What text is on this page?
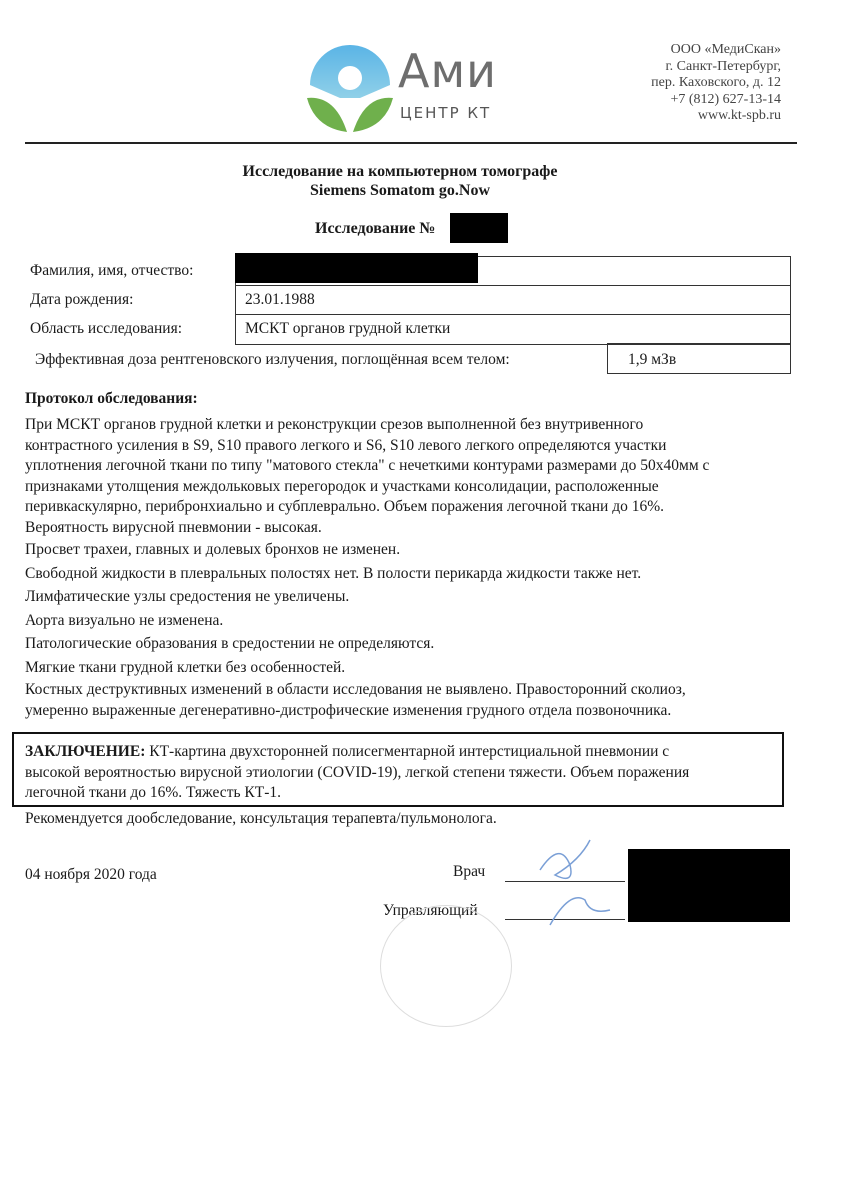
Ами
ЦЕНТР КТ
ООО «МедиСкан»
г. Санкт-Петербург,
пер. Каховского, д. 12
+7 (812) 627-13-14
www.kt-spb.ru
Исследование на компьютерном томографе
Siemens Somatom go.Now
Исследование №
Фамилия, имя, отчество:
Дата рождения:	23.01.1988
Область исследования:	МСКТ органов грудной клетки
Эффективная доза рентгеновского излучения, поглощённая всем телом:	1,9 мЗв
Протокол обследования:
При МСКТ органов грудной клетки и реконструкции срезов выполненной без внутривенного
контрастного усиления в S9, S10 правого легкого и S6, S10 левого легкого определяются участки
уплотнения легочной ткани по типу "матового стекла" с нечеткими контурами размерами до 50х40мм с
признаками утолщения междольковых перегородок и участками консолидации, расположенные
перивкаскулярно, перибронхиально и субплеврально. Объем поражения легочной ткани до 16%.
Вероятность вирусной пневмонии - высокая.
Просвет трахеи, главных и долевых бронхов не изменен.
Свободной жидкости в плевральных полостях нет. В полости перикарда жидкости также нет.
Лимфатические узлы средостения не увеличены.
Аорта визуально не изменена.
Патологические образования в средостении не определяются.
Мягкие ткани грудной клетки без особенностей.
Костных деструктивных изменений в области исследования не выявлено. Правосторонний сколиоз,
умеренно выраженные дегенеративно-дистрофические изменения грудного отдела позвоночника.
ЗАКЛЮЧЕНИЕ: КТ-картина двухсторонней полисегментарной интерстициальной пневмонии с
высокой вероятностью вирусной этиологии (COVID-19), легкой степени тяжести. Объем поражения
легочной ткани до 16%. Тяжесть КТ-1.
Рекомендуется дообследование, консультация терапевта/пульмонолога.
04 ноября 2020 года	Врач
Управляющий
